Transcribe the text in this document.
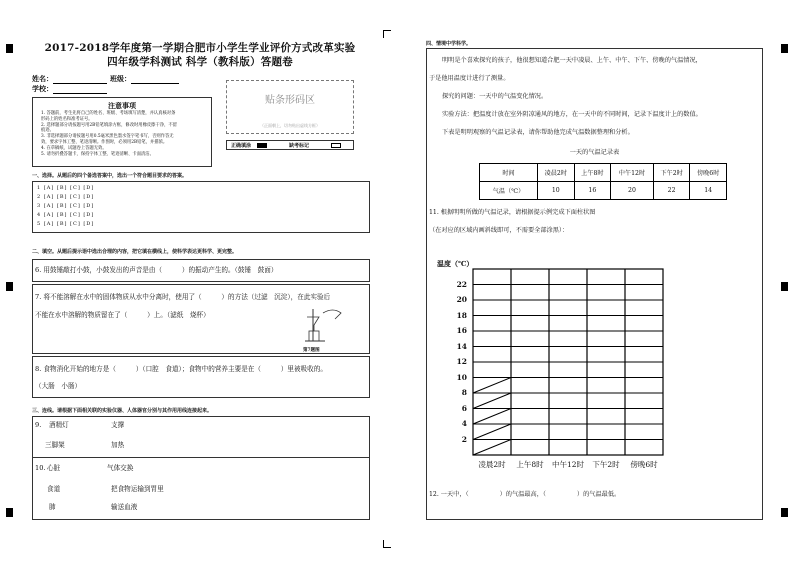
2017-2018学年度第一学期合肥市小学生学业评价方式改革实验
四年级学科测试 科学（教科版）答题卷
姓名：	班级：
学校：
注意事项
1. 答题前，考生先将自己的姓名、班级、考场填写清楚，并认真核对条
形码上的姓名和准考证号。
2. 选择题部分请按题号用2B铅笔填涂方框，修改时用橡皮擦干净，不留
痕迹。
3. 非选择题部分请按题号用0.5毫米黑色墨水签字笔书写，否则作答无
效，要求字体工整、笔迹清晰。作图时，必须用2B铅笔，并描浓。
4. 在草稿纸、试题卷上答题无效。
5. 请勿折叠答题卡，保持字体工整、笔迹清晰、卡面清洁。
贴条形码区
（正面朝上，切勿贴出虚线方框）
正确填涂	缺考标记
一、选择。从题后的四个备选答案中，选出一个符合题目要求的答案。
1 [A] [B] [C] [D]
2 [A] [B] [C] [D]
3 [A] [B] [C] [D]
4 [A] [B] [C] [D]
5 [A] [B] [C] [D]
二、填空。从题后提示语中选出合理的内容，把它填在横线上，使科学表达更科学、更完整。
6. 用鼓锤敲打小鼓，小鼓发出的声音是由（　　　）的振动产生的。（鼓锤　鼓面）
7. 将不能溶解在水中的固体物质从水中分离时，使用了（　　　）的方法（过滤　沉淀），在此实验后
不能在水中溶解的物质留在了（　　　）上。（滤纸　烧杯）
第7题图
8. 食物消化开始的地方是（　　　）（口腔　食道）；食物中的营养主要是在（　　　）里被吸收的。
（大肠　小肠）
三、连线。请根据下面相关联的实验仪器、人体器官分别与其作用用线连接起来。
9. 酒精灯	支撑
三脚架	加热
10. 心脏	气体交换
食道	把食物运输到胃里
肺	输送血液
四、情境中学科学。
明明是个喜欢探究的孩子，他很想知道合肥一天中凌晨、上午、中午、下午、傍晚的气温情况，
于是他用温度计进行了测量。
探究的问题：一天中的气温变化情况。
实验方法：把温度计放在室外阴凉通风的地方，在一天中的不同时间，记录下温度计上的数值。
下表是明明观察的气温记录表，请你帮助他完成气温数据整理和分析。
一天的气温记录表
时间	凌晨2时	上午8时	中午12时	下午2时	傍晚6时
气温（℃）	10	16	20	22	14
11. 根据明明所做的气温记录，请根据提示例完成下面柱状图
（在对应的区域内画斜线即可，不需要全部涂黑）：
温度（℃）
22
20
18
16
14
12
10
8
6
4
2
凌晨2时	上午8时	中午12时	下午2时	傍晚6时
12. 一天中，（　　　　　）的气温最高，（　　　　　）的气温最低。
